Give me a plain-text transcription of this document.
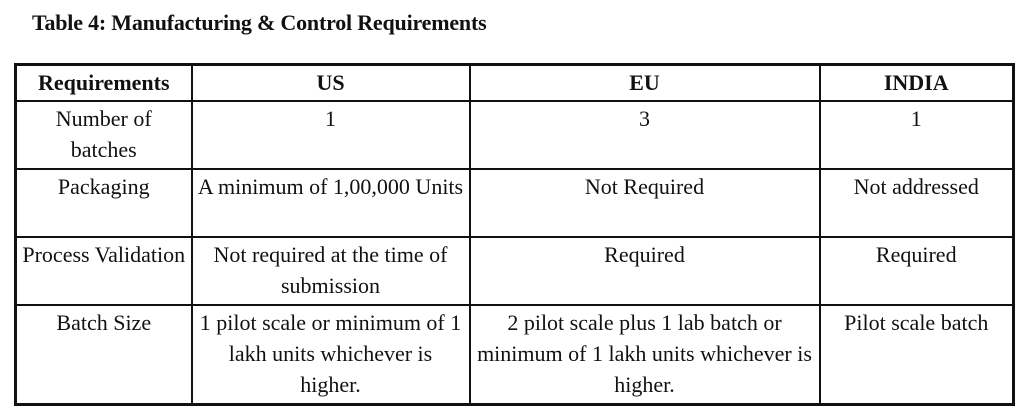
Table 4: Manufacturing & Control Requirements
Requirements	US	EU	INDIA
Number of batches	1	3	1
Packaging	A minimum of 1,00,000 Units	Not Required	Not addressed
Process Validation	Not required at the time of submission	Required	Required
Batch Size	1 pilot scale or minimum of 1 lakh units whichever is higher.	2 pilot scale plus 1 lab batch or minimum of 1 lakh units whichever is higher.	Pilot scale batch
